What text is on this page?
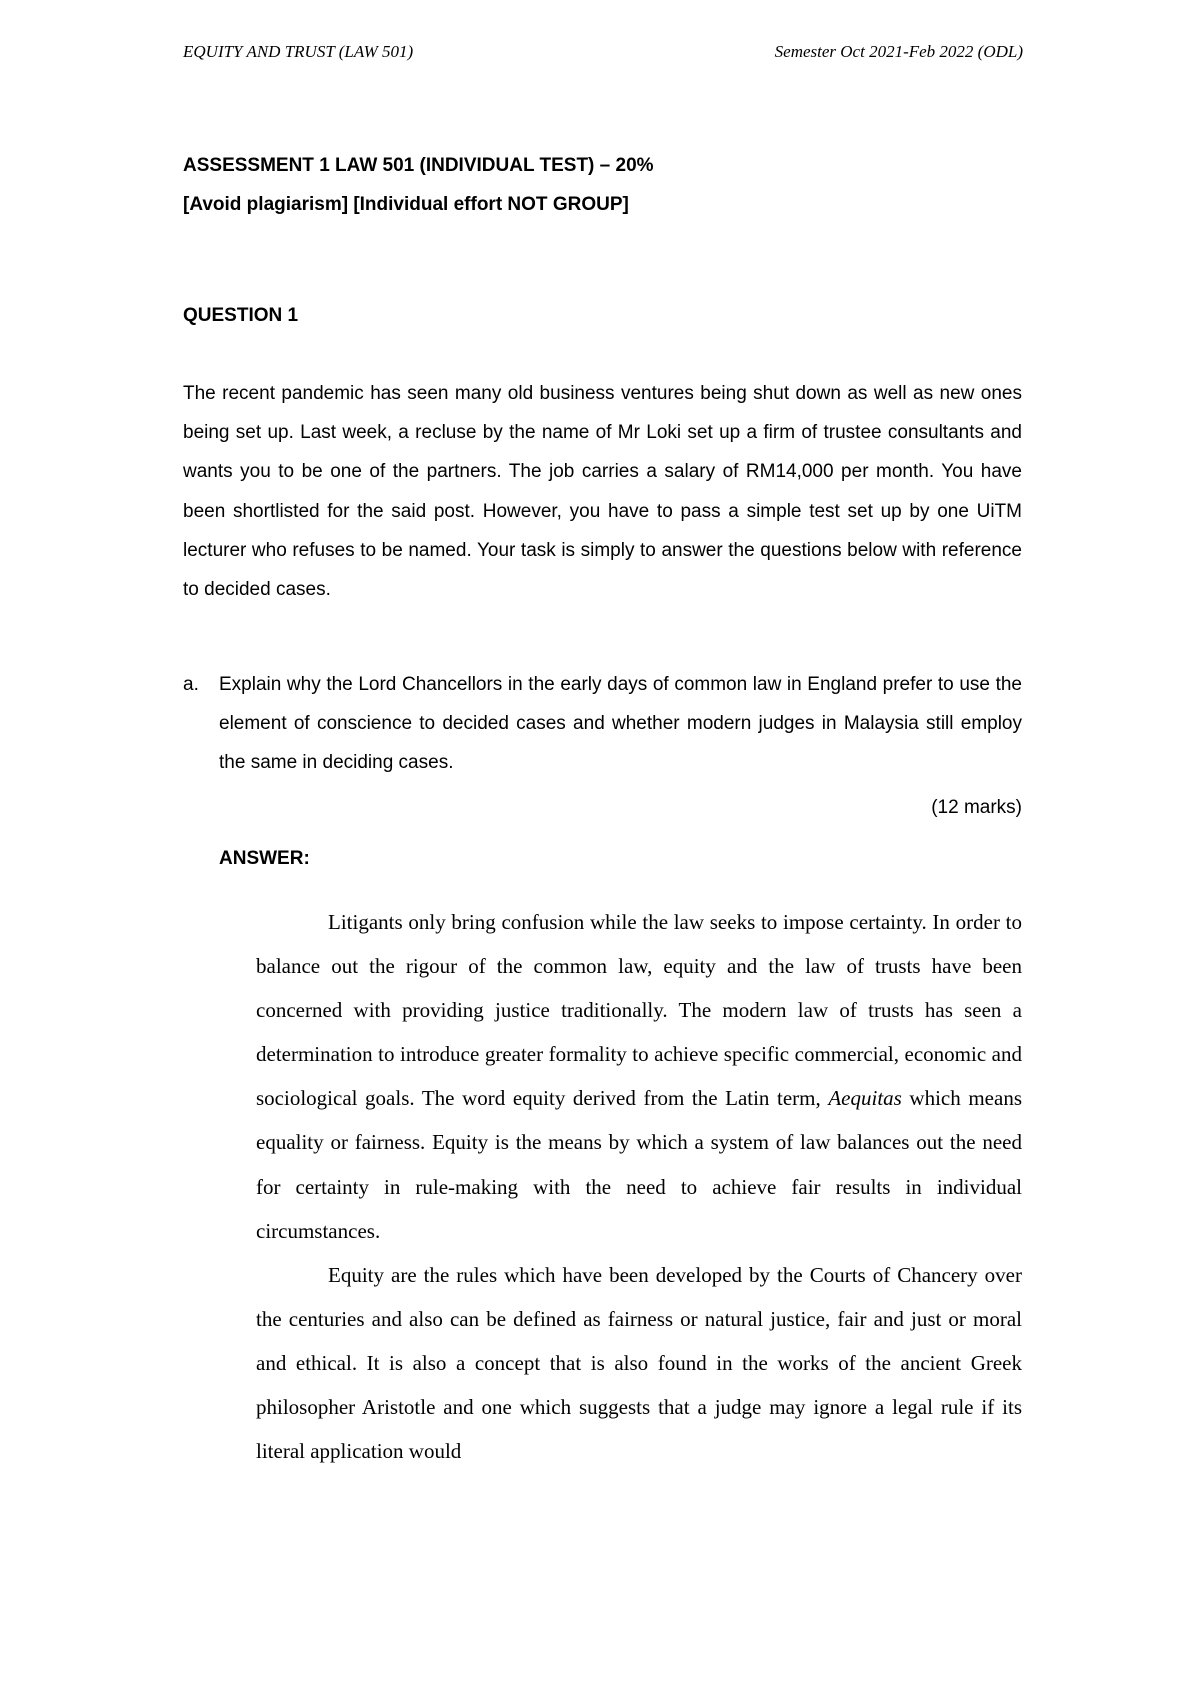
EQUITY AND TRUST (LAW 501)	Semester Oct 2021-Feb 2022 (ODL)
ASSESSMENT 1 LAW 501 (INDIVIDUAL TEST) – 20%
[Avoid plagiarism] [Individual effort NOT GROUP]
QUESTION 1

The recent pandemic has seen many old business ventures being shut down as well as new ones being set up. Last week, a recluse by the name of Mr Loki set up a firm of trustee consultants and wants you to be one of the partners. The job carries a salary of RM14,000 per month. You have been shortlisted for the said post. However, you have to pass a simple test set up by one UiTM lecturer who refuses to be named. Your task is simply to answer the questions below with reference to decided cases.

a. Explain why the Lord Chancellors in the early days of common law in England prefer to use the element of conscience to decided cases and whether modern judges in Malaysia still employ the same in deciding cases.
(12 marks)
ANSWER:

Litigants only bring confusion while the law seeks to impose certainty. In order to balance out the rigour of the common law, equity and the law of trusts have been concerned with providing justice traditionally. The modern law of trusts has seen a determination to introduce greater formality to achieve specific commercial, economic and sociological goals. The word equity derived from the Latin term, Aequitas which means equality or fairness. Equity is the means by which a system of law balances out the need for certainty in rule-making with the need to achieve fair results in individual circumstances.

Equity are the rules which have been developed by the Courts of Chancery over the centuries and also can be defined as fairness or natural justice, fair and just or moral and ethical. It is also a concept that is also found in the works of the ancient Greek philosopher Aristotle and one which suggests that a judge may ignore a legal rule if its literal application would
